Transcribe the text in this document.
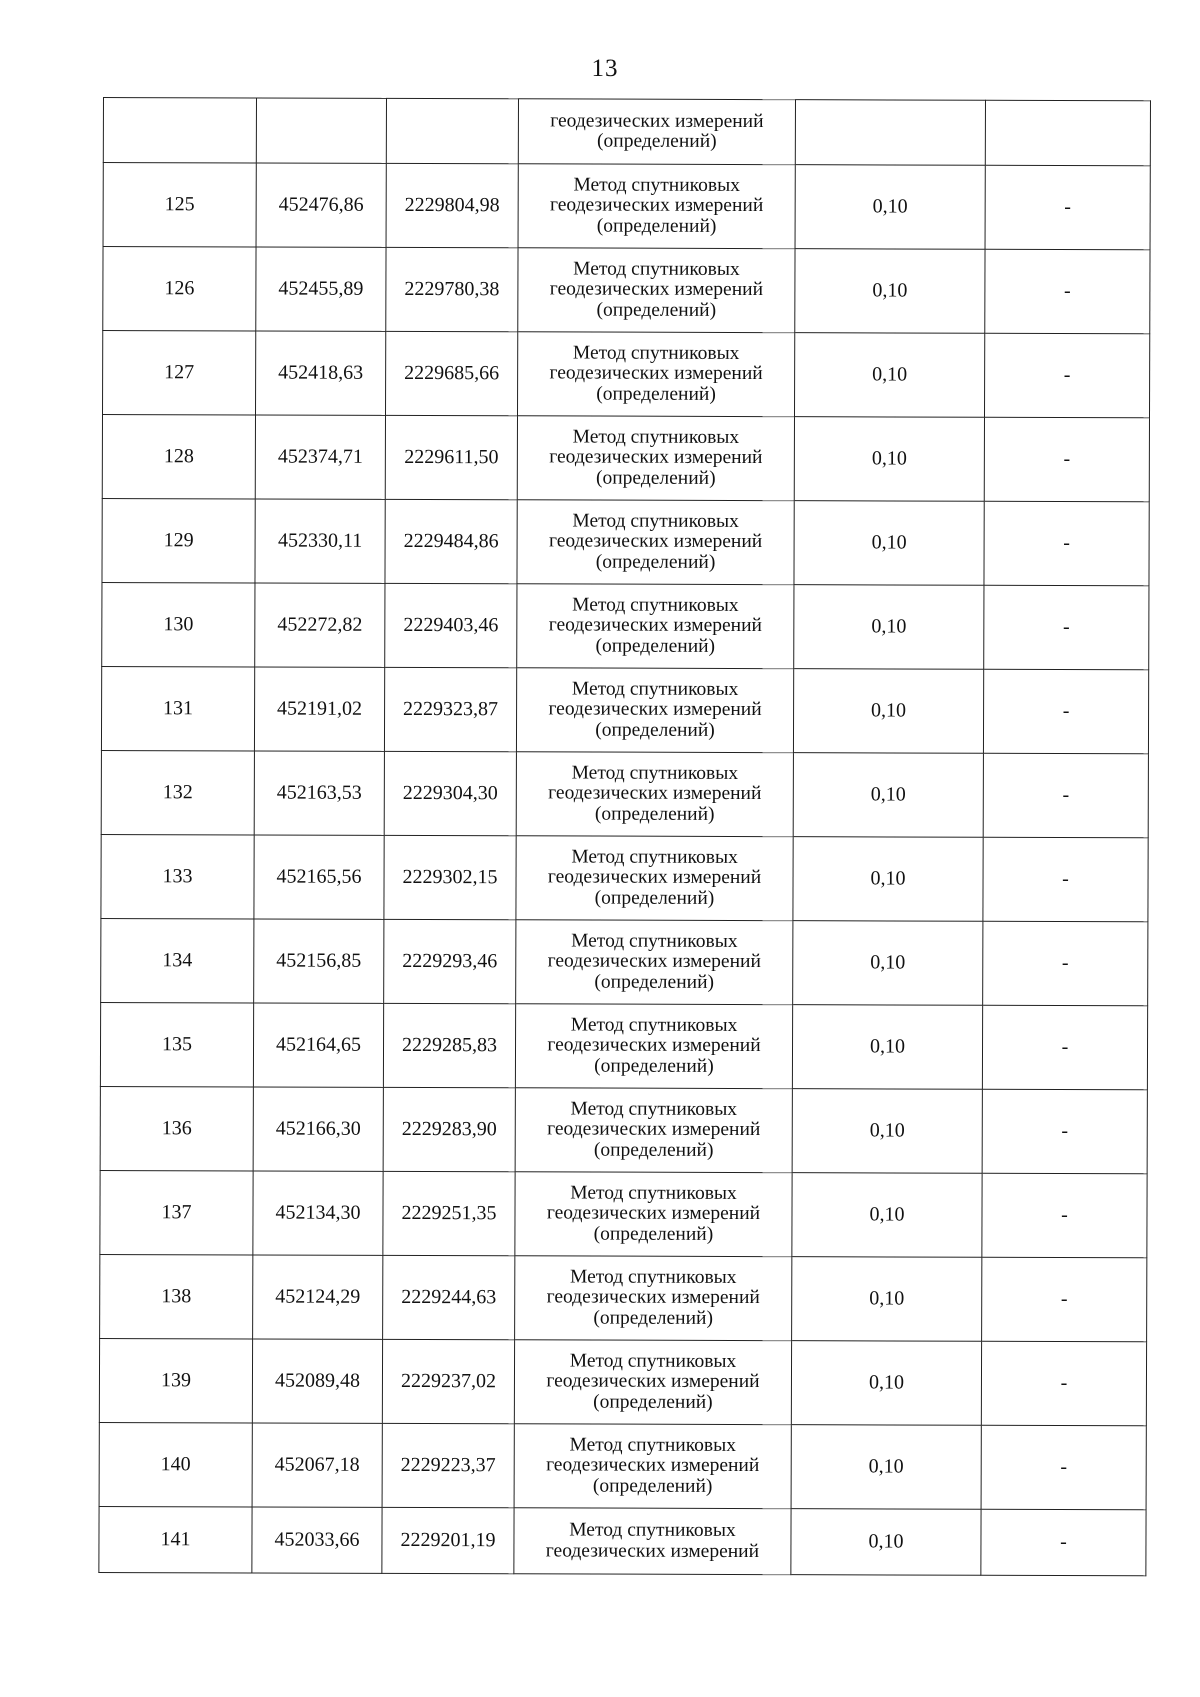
13
			геодезических измерений
(определений)		
125	452476,86	2229804,98	Метод спутниковых
геодезических измерений
(определений)	0,10	-
126	452455,89	2229780,38	Метод спутниковых
геодезических измерений
(определений)	0,10	-
127	452418,63	2229685,66	Метод спутниковых
геодезических измерений
(определений)	0,10	-
128	452374,71	2229611,50	Метод спутниковых
геодезических измерений
(определений)	0,10	-
129	452330,11	2229484,86	Метод спутниковых
геодезических измерений
(определений)	0,10	-
130	452272,82	2229403,46	Метод спутниковых
геодезических измерений
(определений)	0,10	-
131	452191,02	2229323,87	Метод спутниковых
геодезических измерений
(определений)	0,10	-
132	452163,53	2229304,30	Метод спутниковых
геодезических измерений
(определений)	0,10	-
133	452165,56	2229302,15	Метод спутниковых
геодезических измерений
(определений)	0,10	-
134	452156,85	2229293,46	Метод спутниковых
геодезических измерений
(определений)	0,10	-
135	452164,65	2229285,83	Метод спутниковых
геодезических измерений
(определений)	0,10	-
136	452166,30	2229283,90	Метод спутниковых
геодезических измерений
(определений)	0,10	-
137	452134,30	2229251,35	Метод спутниковых
геодезических измерений
(определений)	0,10	-
138	452124,29	2229244,63	Метод спутниковых
геодезических измерений
(определений)	0,10	-
139	452089,48	2229237,02	Метод спутниковых
геодезических измерений
(определений)	0,10	-
140	452067,18	2229223,37	Метод спутниковых
геодезических измерений
(определений)	0,10	-
141	452033,66	2229201,19	Метод спутниковых
геодезических измерений	0,10	-
